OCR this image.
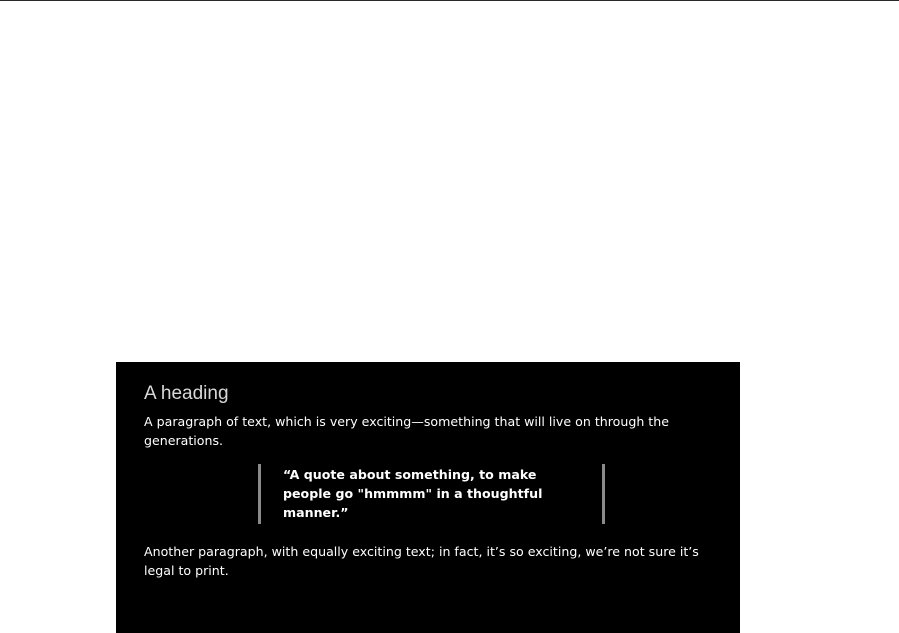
A heading

A paragraph of text, which is very exciting—something that will live on through the generations.

“A quote about something, to make people go "hmmmm" in a thoughtful manner.”

Another paragraph, with equally exciting text; in fact, it’s so exciting, we’re not sure it’s legal to print.
